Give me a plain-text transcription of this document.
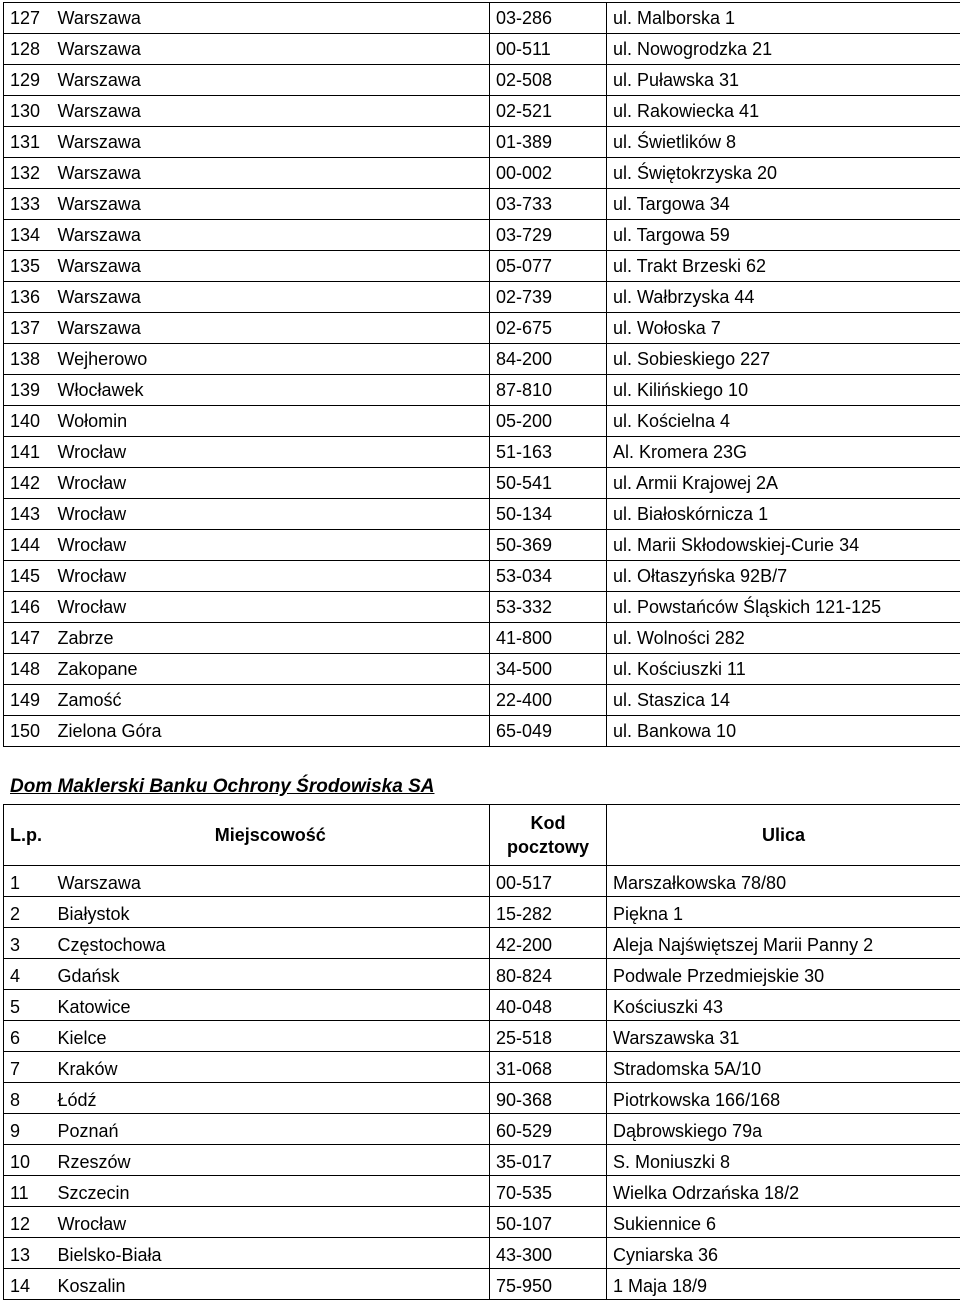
127	Warszawa	03-286	ul. Malborska 1
128	Warszawa	00-511	ul. Nowogrodzka 21
129	Warszawa	02-508	ul. Puławska 31
130	Warszawa	02-521	ul. Rakowiecka 41
131	Warszawa	01-389	ul. Świetlików 8
132	Warszawa	00-002	ul. Świętokrzyska 20
133	Warszawa	03-733	ul. Targowa 34
134	Warszawa	03-729	ul. Targowa 59
135	Warszawa	05-077	ul. Trakt Brzeski 62
136	Warszawa	02-739	ul. Wałbrzyska 44
137	Warszawa	02-675	ul. Wołoska 7
138	Wejherowo	84-200	ul. Sobieskiego 227
139	Włocławek	87-810	ul. Kilińskiego 10
140	Wołomin	05-200	ul. Kościelna 4
141	Wrocław	51-163	Al. Kromera 23G
142	Wrocław	50-541	ul. Armii Krajowej 2A
143	Wrocław	50-134	ul. Białoskórnicza 1
144	Wrocław	50-369	ul. Marii Skłodowskiej-Curie 34
145	Wrocław	53-034	ul. Ołtaszyńska 92B/7
146	Wrocław	53-332	ul. Powstańców Śląskich 121-125
147	Zabrze	41-800	ul. Wolności 282
148	Zakopane	34-500	ul. Kościuszki 11
149	Zamość	22-400	ul. Staszica 14
150	Zielona Góra	65-049	ul. Bankowa 10
Dom Maklerski Banku Ochrony Środowiska SA
L.p.	Miejscowość	Kod pocztowy	Ulica
1	Warszawa	00-517	Marszałkowska 78/80
2	Białystok	15-282	Piękna 1
3	Częstochowa	42-200	Aleja Najświętszej Marii Panny 2
4	Gdańsk	80-824	Podwale Przedmiejskie 30
5	Katowice	40-048	Kościuszki 43
6	Kielce	25-518	Warszawska 31
7	Kraków	31-068	Stradomska 5A/10
8	Łódź	90-368	Piotrkowska 166/168
9	Poznań	60-529	Dąbrowskiego 79a
10	Rzeszów	35-017	S. Moniuszki 8
11	Szczecin	70-535	Wielka Odrzańska 18/2
12	Wrocław	50-107	Sukiennice 6
13	Bielsko-Biała	43-300	Cyniarska 36
14	Koszalin	75-950	1 Maja 18/9
